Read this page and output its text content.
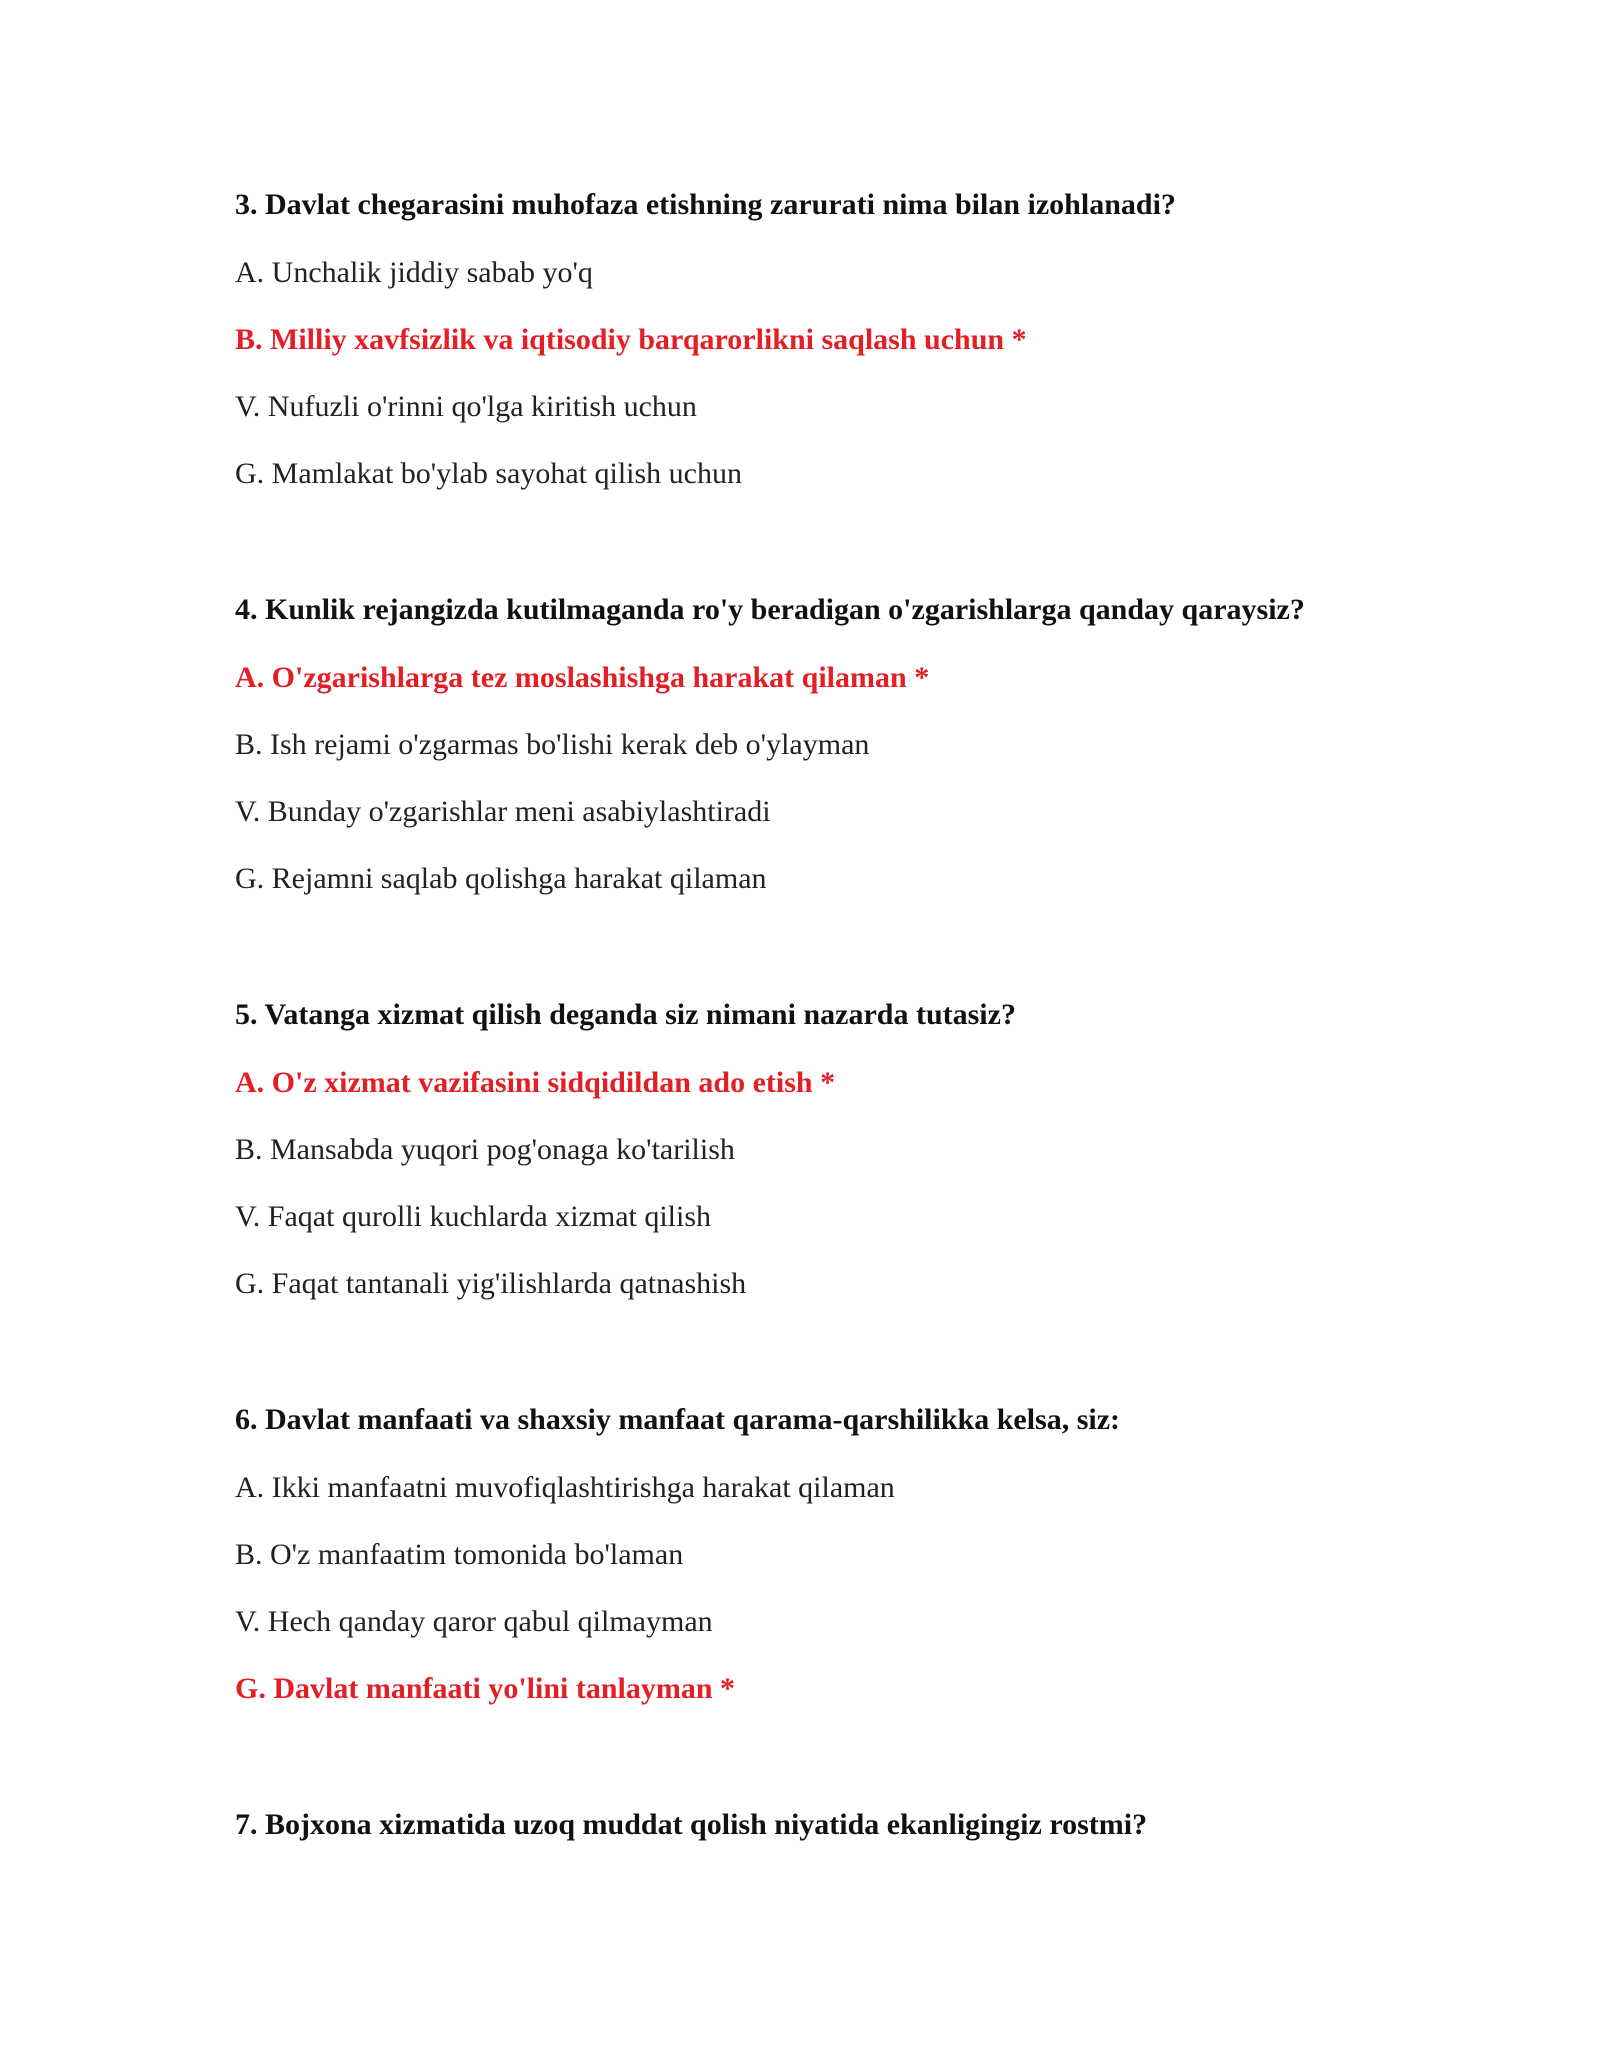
3. Davlat chegarasini muhofaza etishning zarurati nima bilan izohlanadi?
A. Unchalik jiddiy sabab yo'q
B. Milliy xavfsizlik va iqtisodiy barqarorlikni saqlash uchun *
V. Nufuzli o'rinni qo'lga kiritish uchun
G. Mamlakat bo'ylab sayohat qilish uchun
4. Kunlik rejangizda kutilmaganda ro'y beradigan o'zgarishlarga qanday qaraysiz?
A. O'zgarishlarga tez moslashishga harakat qilaman *
B. Ish rejami o'zgarmas bo'lishi kerak deb o'ylayman
V. Bunday o'zgarishlar meni asabiylashtiradi
G. Rejamni saqlab qolishga harakat qilaman
5. Vatanga xizmat qilish deganda siz nimani nazarda tutasiz?
A. O'z xizmat vazifasini sidqidildan ado etish *
B. Mansabda yuqori pog'onaga ko'tarilish
V. Faqat qurolli kuchlarda xizmat qilish
G. Faqat tantanali yig'ilishlarda qatnashish
6. Davlat manfaati va shaxsiy manfaat qarama-qarshilikka kelsa, siz:
A. Ikki manfaatni muvofiqlashtirishga harakat qilaman
B. O'z manfaatim tomonida bo'laman
V. Hech qanday qaror qabul qilmayman
G. Davlat manfaati yo'lini tanlayman *
7. Bojxona xizmatida uzoq muddat qolish niyatida ekanligingiz rostmi?
